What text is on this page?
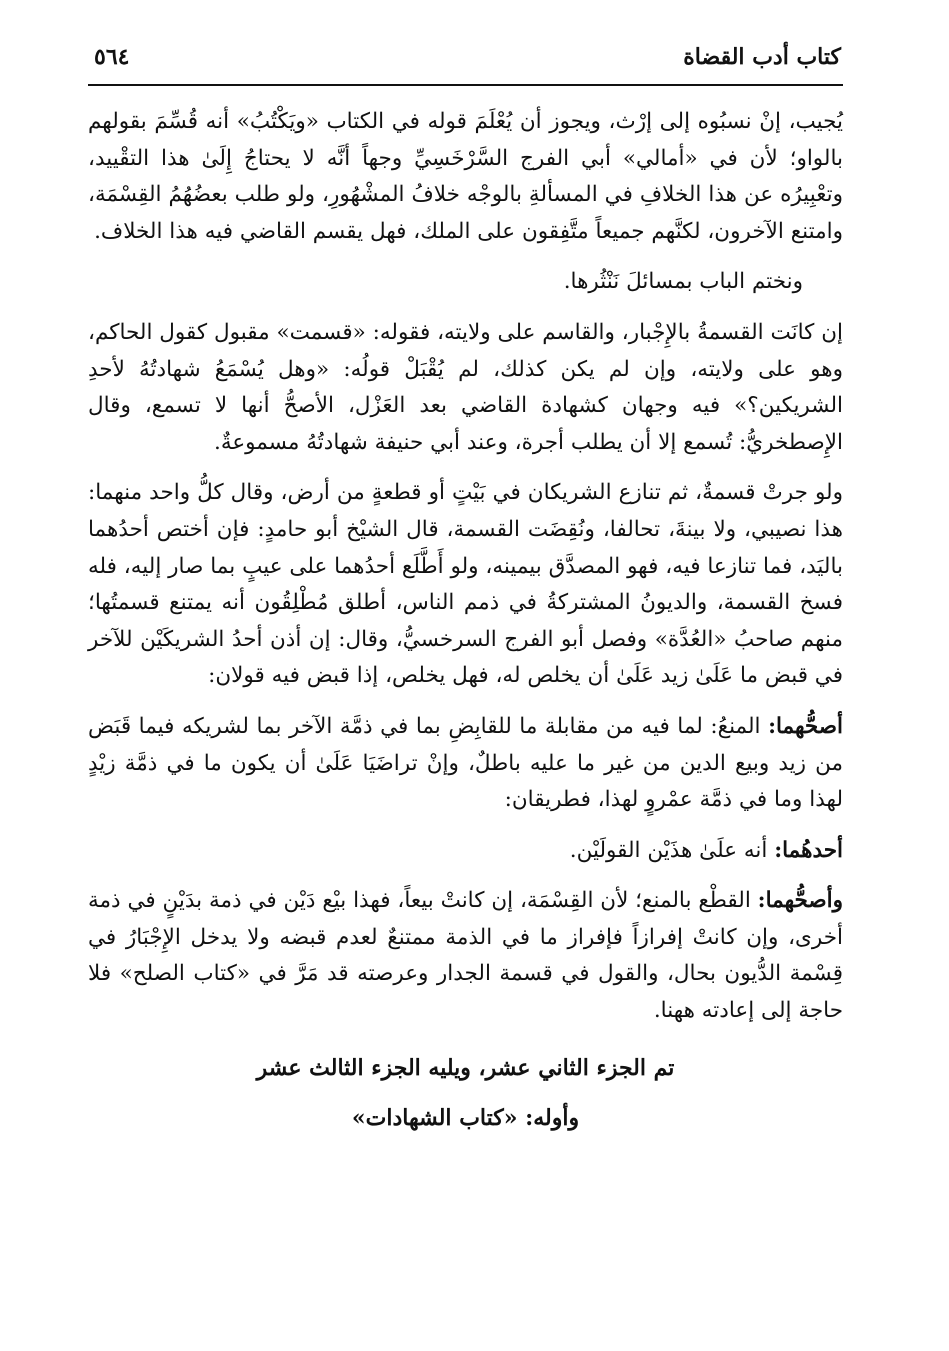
كتاب أدب القضاة
٥٦٤

يُجيب، إنْ نسبُوه إلى إرْث، ويجوز أن يُعْلَمَ قوله في الكتاب «ويَكْتُبُ» أنه قُسِّمَ بقولهم بالواو؛ لأن في «أمالي» أبي الفرج السَّرْخَسِيِّ وجهاً أنَّه لا يحتاجُ إِلَىٰ هذا التقْييد، وتعْبِيرُه عن هذا الخلافِ في المسألةِ بالوجْه خلافُ المشْهُورِ، ولو طلب بعضُهُمُ القِسْمَة، وامتنع الآخرون، لكنَّهم جميعاً متَّفِقون على الملك، فهل يقسم القاضي فيه هذا الخلاف.

ونختم الباب بمسائلَ نَنْثُرها.

إن كانَت القسمةُ بالإِجْبار، والقاسم على ولايته، فقوله: «قسمت» مقبول كقول الحاكم، وهو على ولايته، وإن لم يكن كذلك، لم يُقْبَلْ قولُه: «وهل يُسْمَعُ شهادتُهُ لأحدِ الشريكين؟» فيه وجهان كشهادة القاضي بعد العَزْل، الأصحُّ أنها لا تسمع، وقال الإِصطخريُّ: تُسمع إلا أن يطلب أجرة، وعند أبي حنيفة شهادتُهُ مسموعةٌ.

ولو جرتْ قسمةٌ، ثم تنازع الشريكان في بَيْتٍ أو قطعةٍ من أرض، وقال كلُّ واحد منهما: هذا نصيبي، ولا بينةَ، تحالفا، ونُقِضَت القسمة، قال الشيْخ أبو حامدٍ: فإن أختص أحدُهما باليَد، فما تنازعا فيه، فهو المصدَّق بيمينه، ولو أَطَّلَع أحدُهما على عيبٍ بما صار إليه، فله فسخ القسمة، والديونُ المشتركةُ في ذمم الناس، أطلق مُطْلِقُون أنه يمتنع قسمتُها؛ منهم صاحبُ «العُدَّة» وفصل أبو الفرج السرخسيُّ، وقال: إن أذن أحدُ الشريكَيْن للآخر في قبض ما عَلَىٰ زيد عَلَىٰ أن يخلص له، فهل يخلص، إذا قبض فيه قولان:

أصحُّهما: المنعُ: لما فيه من مقابلة ما للقابِضِ بما في ذمَّة الآخر بما لشريكه فيما قَبَض من زيد وبيع الدين من غير ما عليه باطلٌ، وإنْ تراضَيَا عَلَىٰ أن يكون ما في ذمَّة زيْدٍ لهذا وما في ذمَّة عمْروٍ لهذا، فطريقان:

أحدهُما: أنه علَىٰ هذَيْن القولَيْن.

وأصحُّهما: القطْع بالمنع؛ لأن القِسْمَة، إن كانتْ بيعاً، فهذا بيْع دَيْن في ذمة بدَيْنٍ في ذمة أخرى، وإن كانتْ إفرازاً فإفراز ما في الذمة ممتنعٌ لعدم قبضه ولا يدخل الإِجْبَارُ في قِسْمة الدُّيون بحال، والقول في قسمة الجدار وعرصته قد مَرَّ في «كتاب الصلح» فلا حاجة إلى إعادته ههنا.

تم الجزء الثاني عشر، ويليه الجزء الثالث عشر

وأوله: «كتاب الشهادات»
